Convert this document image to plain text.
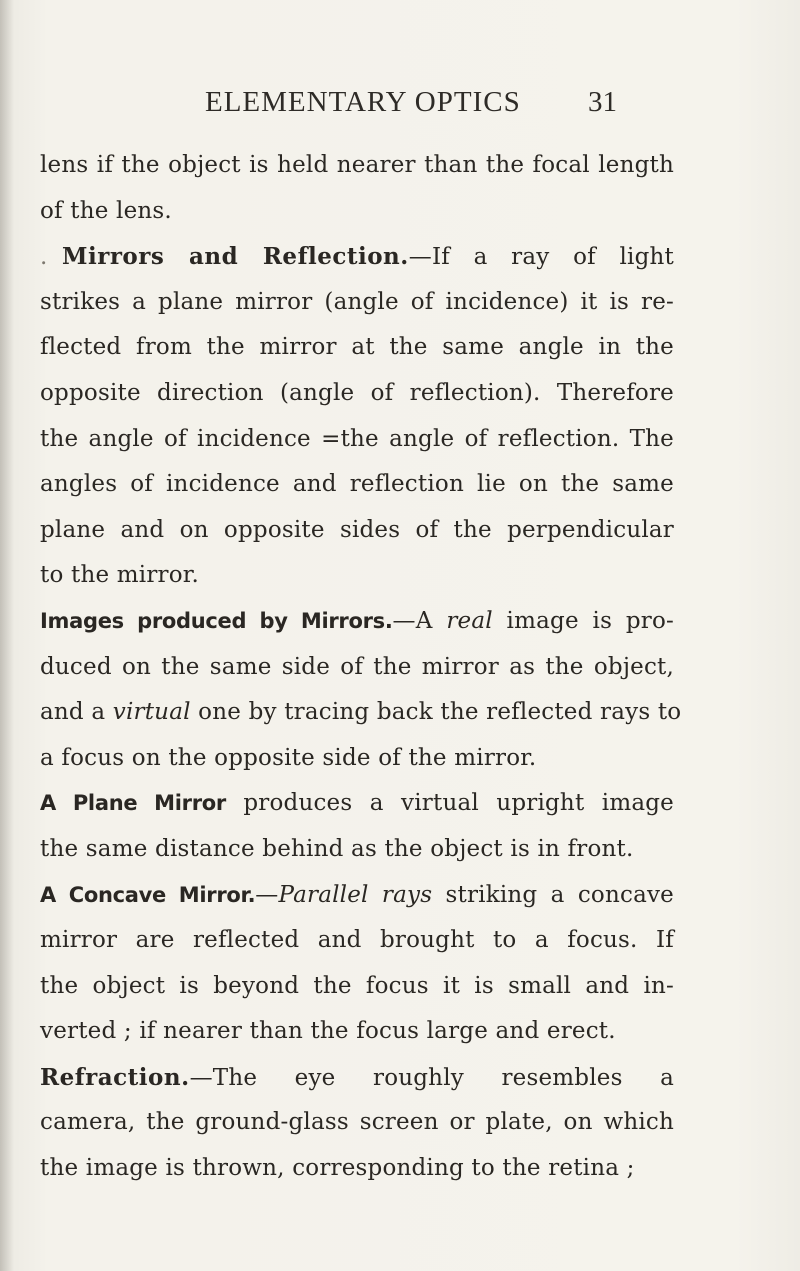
ELEMENTARY OPTICS 31
lens if the object is held nearer than the focal length
of the lens.
. Mirrors and Reflection.—If a ray of light
strikes a plane mirror (angle of incidence) it is re-
flected from the mirror at the same angle in the
opposite direction (angle of reflection). Therefore
the angle of incidence =the angle of reflection. The
angles of incidence and reflection lie on the same
plane and on opposite sides of the perpendicular
to the mirror.
Images produced by Mirrors.—A real image is pro-
duced on the same side of the mirror as the object,
and a virtual one by tracing back the reflected rays to
a focus on the opposite side of the mirror.
A Plane Mirror produces a virtual upright image
the same distance behind as the object is in front.
A Concave Mirror.—Parallel rays striking a concave
mirror are reflected and brought to a focus. If
the object is beyond the focus it is small and in-
verted ; if nearer than the focus large and erect.
Refraction.—The eye roughly resembles a
camera, the ground-glass screen or plate, on which
the image is thrown, corresponding to the retina ;
